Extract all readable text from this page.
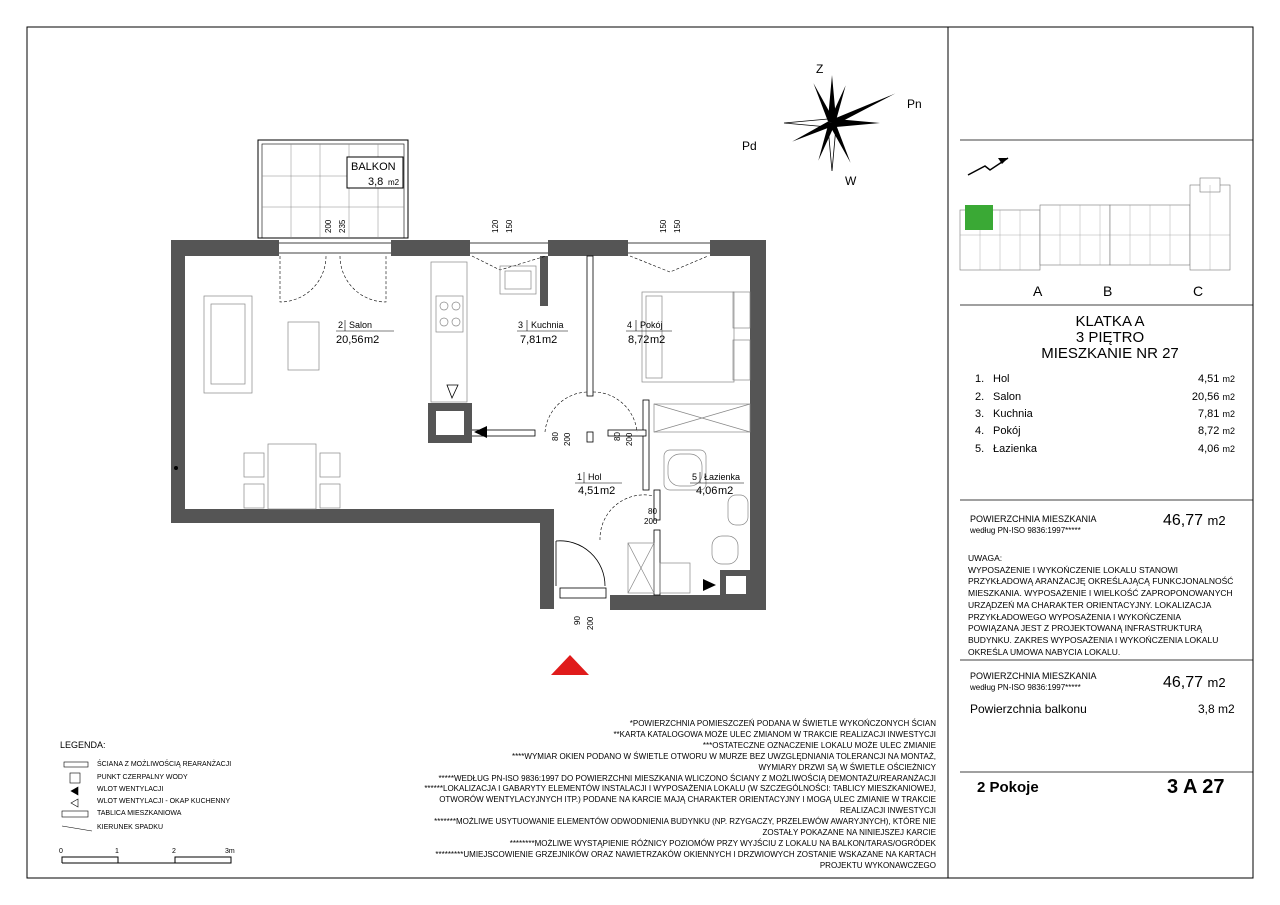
Z
Pn
Pd
W
BALKON
3,8 m2
200 235	120 150	150 150
80 200	80 200
80
200
90 200
2 Salon
20,56 m2
3 Kuchnia
7,81 m2
4 Pokój
8,72 m2
1 Hol
4,51 m2
5 Łazienka
4,06 m2
A	B	C
0	1	2	3m
KLATKA A
3 PIĘTRO
MIESZKANIE NR 27
1. Hol	4,51 m2
2. Salon	20,56 m2
3. Kuchnia	7,81 m2
4. Pokój	8,72 m2
5. Łazienka	4,06 m2
POWIERZCHNIA MIESZKANIA
według PN-ISO 9836:1997*****
46,77 m2
UWAGA:
WYPOSAŻENIE I WYKOŃCZENIE LOKALU STANOWI
PRZYKŁADOWĄ ARANŻACJĘ OKREŚLAJĄCĄ FUNKCJONALNOŚĆ
MIESZKANIA. WYPOSAŻENIE I WIELKOŚĆ ZAPROPONOWANYCH
URZĄDZEŃ MA CHARAKTER ORIENTACYJNY. LOKALIZACJA
PRZYKŁADOWEGO WYPOSAŻENIA I WYKOŃCZENIA
POWIĄZANA JEST Z PROJEKTOWANĄ INFRASTRUKTURĄ
BUDYNKU. ZAKRES WYPOSAŻENIA I WYKOŃCZENIA LOKALU
OKREŚLA UMOWA NABYCIA LOKALU.
POWIERZCHNIA MIESZKANIA
według PN-ISO 9836:1997*****	46,77 m2
Powierzchnia balkonu	3,8 m2
2 Pokoje	3 A 27
LEGENDA:
ŚCIANA Z MOŻLIWOŚCIĄ REARANŻACJI
PUNKT CZERPALNY WODY
WLOT WENTYLACJI
WLOT WENTYLACJI - OKAP KUCHENNY
TABLICA MIESZKANIOWA
KIERUNEK SPADKU
*POWIERZCHNIA POMIESZCZEŃ PODANA W ŚWIETLE WYKOŃCZONYCH ŚCIAN
**KARTA KATALOGOWA MOŻE ULEC ZMIANOM W TRAKCIE REALIZACJI INWESTYCJI
***OSTATECZNE OZNACZENIE LOKALU MOŻE ULEC ZMIANIE
****WYMIAR OKIEN PODANO W ŚWIETLE OTWORU W MURZE BEZ UWZGLĘDNIANIA TOLERANCJI NA MONTAŻ,
WYMIARY DRZWI SĄ W ŚWIETLE OŚCIEŻNICY
*****WEDŁUG PN-ISO 9836:1997 DO POWIERZCHNI MIESZKANIA WLICZONO ŚCIANY Z MOŻLIWOŚCIĄ DEMONTAŻU/REARANŻACJI
******LOKALIZACJA I GABARYTY ELEMENTÓW INSTALACJI I WYPOSAŻENIA LOKALU (W SZCZEGÓLNOŚCI: TABLICY MIESZKANIOWEJ,
OTWORÓW WENTYLACYJNYCH ITP.) PODANE NA KARCIE MAJĄ CHARAKTER ORIENTACYJNY I MOGĄ ULEC ZMIANIE W TRAKCIE
REALIZACJI INWESTYCJI
*******MOŻLIWE USYTUOWANIE ELEMENTÓW ODWODNIENIA BUDYNKU (NP. RZYGACZY, PRZELEWÓW AWARYJNYCH), KTÓRE NIE
ZOSTAŁY POKAZANE NA NINIEJSZEJ KARCIE
********MOŻLIWE WYSTĄPIENIE RÓŻNICY POZIOMÓW PRZY WYJŚCIU Z LOKALU NA BALKON/TARAS/OGRÓDEK
*********UMIEJSCOWIENIE GRZEJNIKÓW ORAZ NAWIETRZAKÓW OKIENNYCH I DRZWIOWYCH ZOSTANIE WSKAZANE NA KARTACH
PROJEKTU WYKONAWCZEGO
